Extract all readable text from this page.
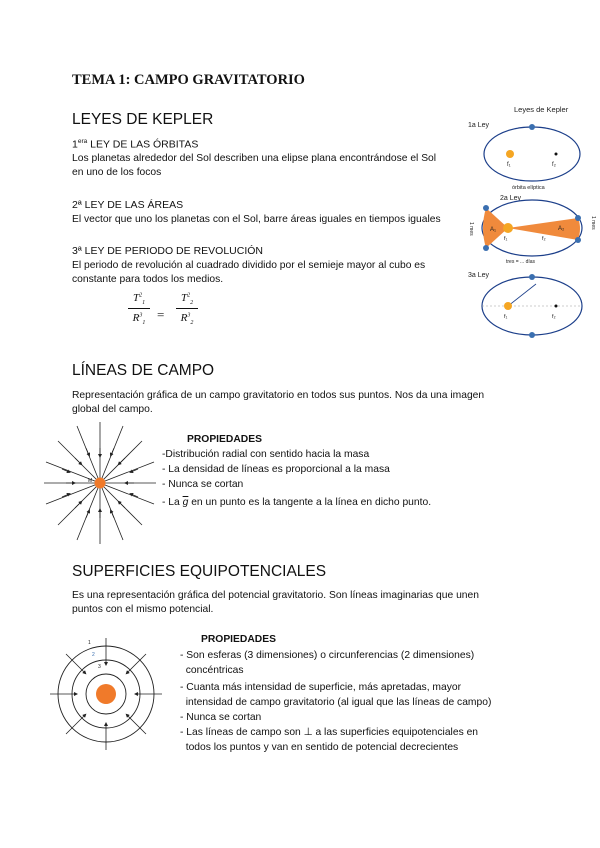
TEMA 1: CAMPO GRAVITATORIO
LEYES DE KEPLER
$1^{era}$ LEY DE LAS ÓRBITAS
Los planetas alrededor del Sol describen una elipse plana encontrándose el Sol
en uno de los focos
2ª LEY DE LAS ÁREAS
El vector que uno los planetas con el Sol, barre áreas iguales en tiempos iguales
3ª LEY DE PERIODO DE REVOLUCIÓN
El periodo de revolución al cuadrado dividido por el semieje mayor al cubo es
constante para todos los medios.
$\frac{T^2_1}{R^3_1} = \frac{T^2_2}{R^3_2}$
Leyes de Kepler
1a Ley
f₁	f₂
órbita elíptica
2a Ley
A₁	A₂
f₁	f₂
1 mes	1 mes
tres = ... días
3a Ley
f₁	f₂
LÍNEAS DE CAMPO
Representación gráfica de un campo gravitatorio en todos sus puntos. Nos da una imagen
global del campo.
M
PROPIEDADES
-Distribución radial con sentido hacia la masa
- La densidad de líneas es proporcional a la masa
- Nunca se cortan
- La $\overline{g}$ en un punto es la tangente a la línea en dicho punto.
SUPERFICIES EQUIPOTENCIALES
Es una representación gráfica del potencial gravitatorio. Son líneas imaginarias que unen
puntos con el mismo potencial.
1
2
3
PROPIEDADES
- Son esferas (3 dimensiones) o circunferencias (2 dimensiones)
concéntricas
- Cuanta más intensidad de superficie, más apretadas, mayor
intensidad de campo gravitatorio (al igual que las líneas de campo)
- Nunca se cortan
- Las líneas de campo son ⊥ a las superficies equipotenciales en
todos los puntos y van en sentido de potencial decrecientes
